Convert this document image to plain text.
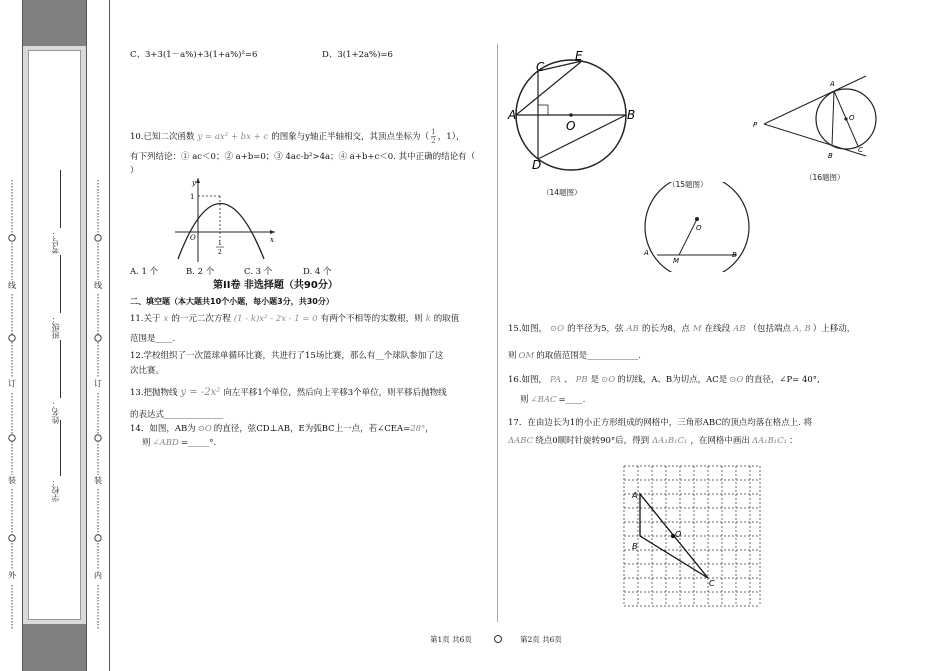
线
订
装
外
线
订
装
内
考号：
班级：
姓名：
学校：
C、3+3(1－a%)+3(1+a%)²=6	D、3(1+2a%)=6
10.已知二次函数 y = ax² + bx + c 的图象与y轴正半轴相交，其顶点坐标为（ $\frac{1}{2}$ ，1），
有下列结论：① ac＜0；② a+b=0；③ 4ac-b²>4a；④ a+b+c＜0. 其中正确的结论有（
）
y
x
O
1
1
2
A. 1 个	B. 2 个	C. 3 个	D. 4 个
第II卷 非选择题（共90分）
二、填空题（本大题共10个小题，每小题3分，共30分）
11.关于 x 的一元二次方程 (1 - k)x² - 2x - 1 = 0 有两个不相等的实数根，则 k 的取值
范围是____.
12.学校组织了一次篮球单循环比赛，共进行了15场比赛，那么有__个球队参加了这
次比赛。
13.把抛物线 y = -2x² 向左平移1个单位，然后向上平移3个单位，则平移后抛物线
的表达式______________
14．如图，AB为 ⊙O 的直径，弦CD⊥AB，E为弧BC上一点，若∠CEA=28°，
则 ∠ABD =_____°.
C
E
A
O
B
D
（14题图）
（15题图）
O
A
M
B
A
P
O
B
C
（16题图）
15.如图， ⊙O 的半径为5，弦 AB 的长为8，点 M 在线段 AB （包括端点 A, B ）上移动，
则 OM 的取值范围是____________.
16.如图， PA 、 PB 是 ⊙O 的切线，A、B为切点，AC是 ⊙O 的直径，∠P= 40°,
则 ∠BAC =____.
17．在由边长为1的小正方形组成的网格中，三角形ABC的顶点均落在格点上. 将
ΔABC 绕点0顺时针旋转90°后，得到 ΔA₁B₁C₁ ，在网格中画出 ΔA₁B₁C₁ ：
A
O
B
C
第1页 共6页	第2页 共6页
